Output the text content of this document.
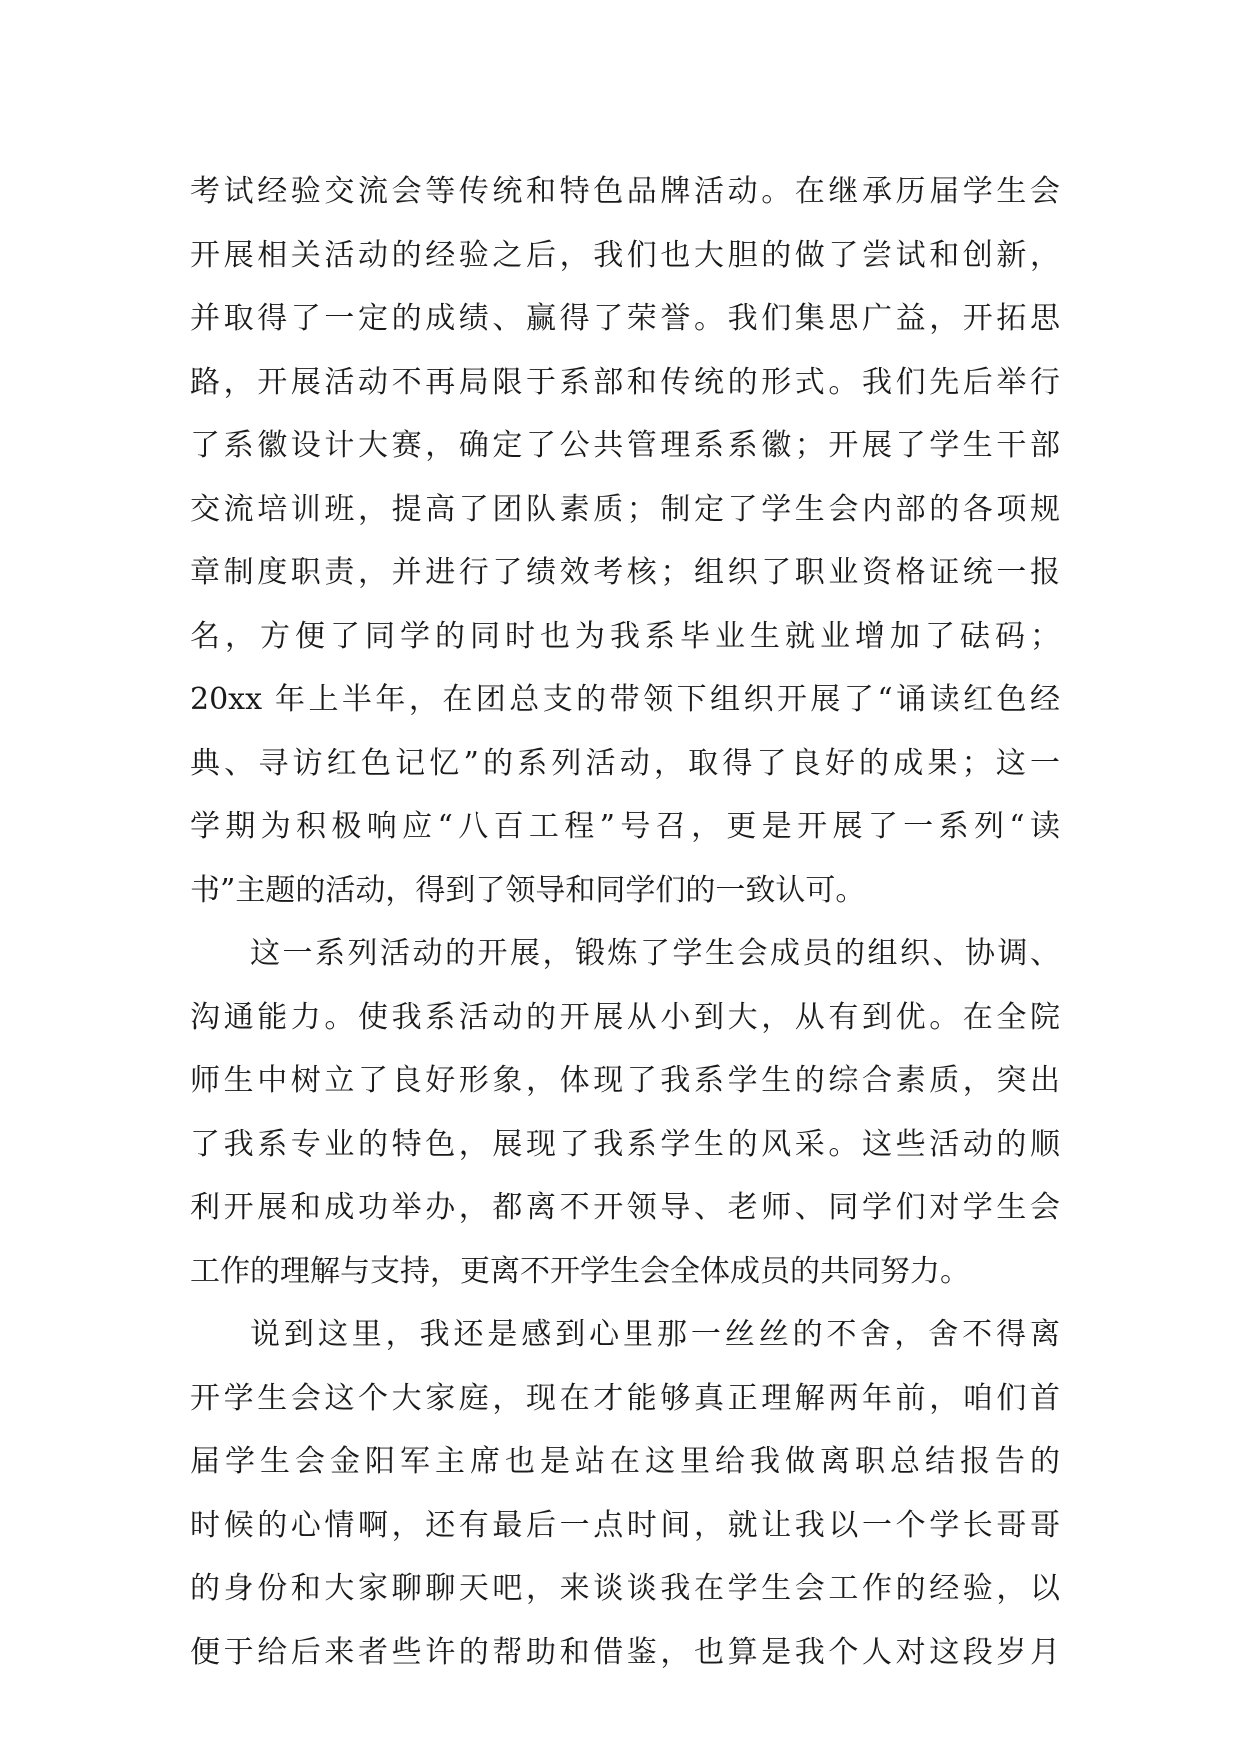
考试经验交流会等传统和特色品牌活动。在继承历届学生会
开展相关活动的经验之后，我们也大胆的做了尝试和创新，
并取得了一定的成绩、赢得了荣誉。我们集思广益，开拓思
路，开展活动不再局限于系部和传统的形式。我们先后举行
了系徽设计大赛，确定了公共管理系系徽；开展了学生干部
交流培训班，提高了团队素质；制定了学生会内部的各项规
章制度职责，并进行了绩效考核；组织了职业资格证统一报
名，方便了同学的同时也为我系毕业生就业增加了砝码；
20xx 年上半年，在团总支的带领下组织开展了“诵读红色经
典、寻访红色记忆”的系列活动，取得了良好的成果；这一
学期为积极响应“八百工程”号召，更是开展了一系列“读
书”主题的活动，得到了领导和同学们的一致认可。
这一系列活动的开展，锻炼了学生会成员的组织、协调、
沟通能力。使我系活动的开展从小到大，从有到优。在全院
师生中树立了良好形象，体现了我系学生的综合素质，突出
了我系专业的特色，展现了我系学生的风采。这些活动的顺
利开展和成功举办，都离不开领导、老师、同学们对学生会
工作的理解与支持，更离不开学生会全体成员的共同努力。
说到这里，我还是感到心里那一丝丝的不舍，舍不得离
开学生会这个大家庭，现在才能够真正理解两年前，咱们首
届学生会金阳军主席也是站在这里给我做离职总结报告的
时候的心情啊，还有最后一点时间，就让我以一个学长哥哥
的身份和大家聊聊天吧，来谈谈我在学生会工作的经验，以
便于给后来者些许的帮助和借鉴，也算是我个人对这段岁月
